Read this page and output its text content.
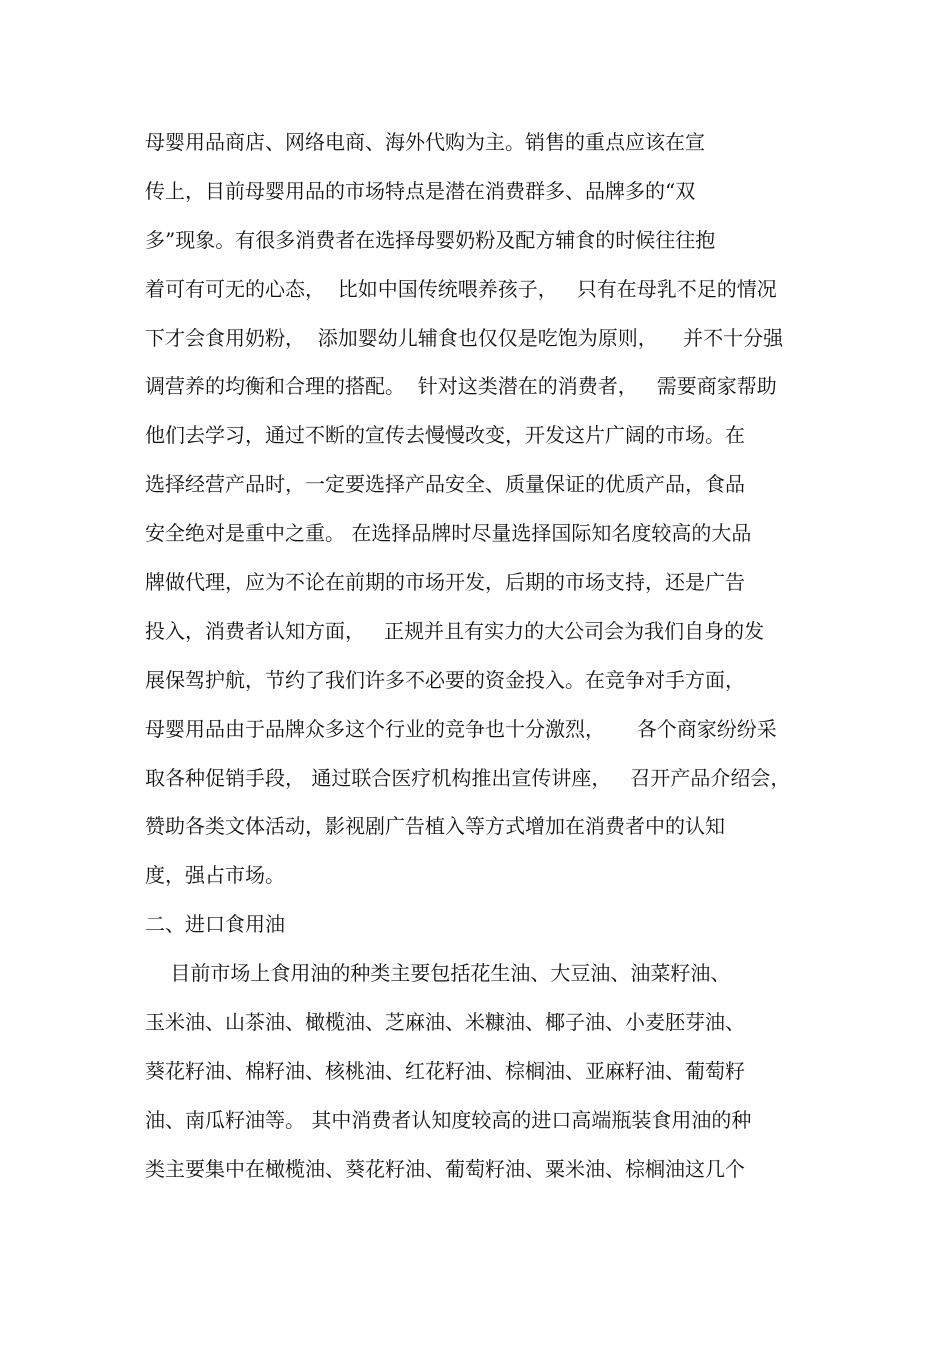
母婴用品商店、网络电商、海外代购为主。销售的重点应该在宣
传上，目前母婴用品的市场特点是潜在消费群多、品牌多的“双
多”现象。有很多消费者在选择母婴奶粉及配方辅食的时候往往抱
着可有可无的心态，  比如中国传统喂养孩子，   只有在母乳不足的情况
下才会食用奶粉，  添加婴幼儿辅食也仅仅是吃饱为原则，    并不十分强
调营养的均衡和合理的搭配。  针对这类潜在的消费者，   需要商家帮助
他们去学习，通过不断的宣传去慢慢改变，开发这片广阔的市场。在
选择经营产品时，一定要选择产品安全、质量保证的优质产品，食品
安全绝对是重中之重。 在选择品牌时尽量选择国际知名度较高的大品
牌做代理，应为不论在前期的市场开发，后期的市场支持，还是广告
投入，消费者认知方面，   正规并且有实力的大公司会为我们自身的发
展保驾护航，节约了我们许多不必要的资金投入。在竞争对手方面，
母婴用品由于品牌众多这个行业的竞争也十分激烈，     各个商家纷纷采
取各种促销手段， 通过联合医疗机构推出宣传讲座，   召开产品介绍会，
赞助各类文体活动，影视剧广告植入等方式增加在消费者中的认知
度，强占市场。
二、进口食用油
目前市场上食用油的种类主要包括花生油、大豆油、油菜籽油、
玉米油、山茶油、橄榄油、芝麻油、米糠油、椰子油、小麦胚芽油、
葵花籽油、棉籽油、核桃油、红花籽油、棕榈油、亚麻籽油、葡萄籽
油、南瓜籽油等。 其中消费者认知度较高的进口高端瓶装食用油的种
类主要集中在橄榄油、葵花籽油、葡萄籽油、粟米油、棕榈油这几个
